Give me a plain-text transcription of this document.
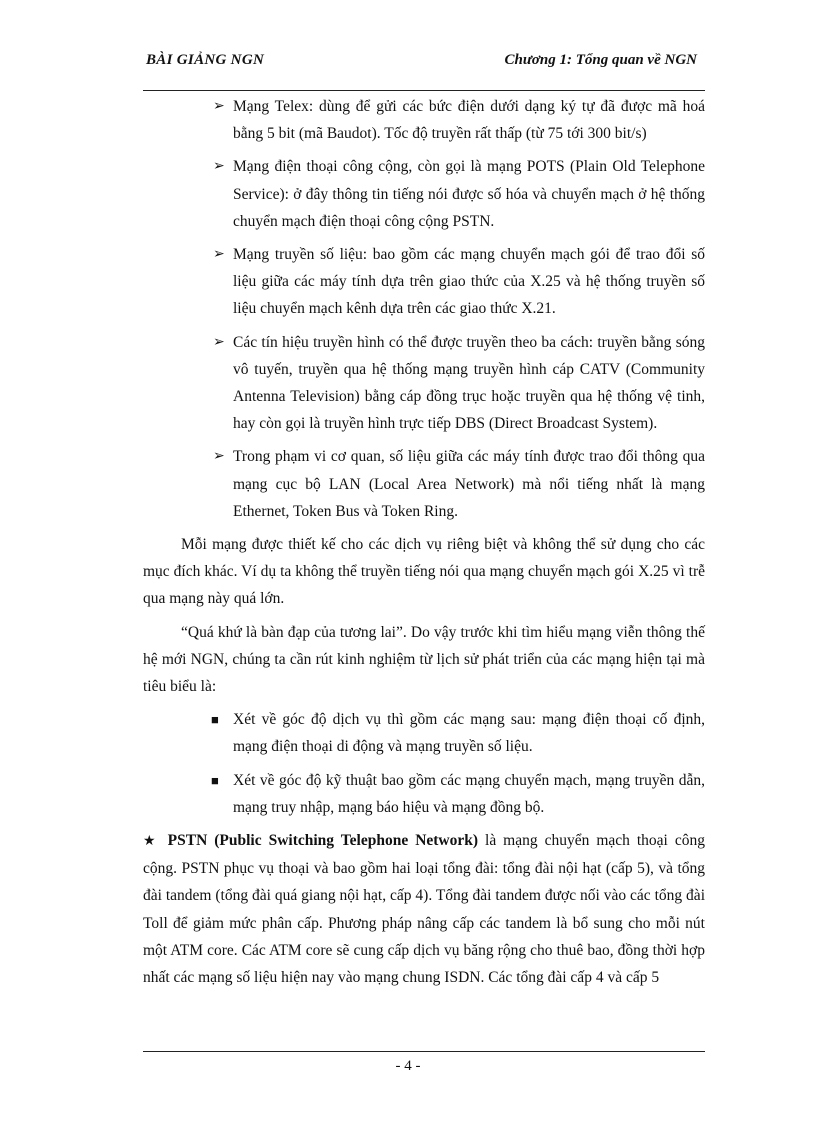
BÀI GIẢNG NGN	Chương 1: Tổng quan về NGN
➢ Mạng Telex: dùng để gửi các bức điện dưới dạng ký tự đã được mã hoá bằng 5 bit (mã Baudot). Tốc độ truyền rất thấp (từ 75 tới 300 bit/s)
➢ Mạng điện thoại công cộng, còn gọi là mạng POTS (Plain Old Telephone Service): ở đây thông tin tiếng nói được số hóa và chuyển mạch ở hệ thống chuyển mạch điện thoại công cộng PSTN.
➢ Mạng truyền số liệu: bao gồm các mạng chuyển mạch gói để trao đổi số liệu giữa các máy tính dựa trên giao thức của X.25 và hệ thống truyền số liệu chuyển mạch kênh dựa trên các giao thức X.21.
➢ Các tín hiệu truyền hình có thể được truyền theo ba cách: truyền bằng sóng vô tuyến, truyền qua hệ thống mạng truyền hình cáp CATV (Community Antenna Television) bằng cáp đồng trục hoặc truyền qua hệ thống vệ tinh, hay còn gọi là truyền hình trực tiếp DBS (Direct Broadcast System).
➢ Trong phạm vi cơ quan, số liệu giữa các máy tính được trao đổi thông qua mạng cục bộ LAN (Local Area Network) mà nổi tiếng nhất là mạng Ethernet, Token Bus và Token Ring.

Mỗi mạng được thiết kế cho các dịch vụ riêng biệt và không thể sử dụng cho các mục đích khác. Ví dụ ta không thể truyền tiếng nói qua mạng chuyển mạch gói X.25 vì trễ qua mạng này quá lớn.

“Quá khứ là bàn đạp của tương lai”. Do vậy trước khi tìm hiểu mạng viễn thông thế hệ mới NGN, chúng ta cần rút kinh nghiệm từ lịch sử phát triển của các mạng hiện tại mà tiêu biểu là:

■ Xét về góc độ dịch vụ thì gồm các mạng sau: mạng điện thoại cố định, mạng điện thoại di động và mạng truyền số liệu.
■ Xét về góc độ kỹ thuật bao gồm các mạng chuyển mạch, mạng truyền dẫn, mạng truy nhập, mạng báo hiệu và mạng đồng bộ.

★ PSTN (Public Switching Telephone Network) là mạng chuyển mạch thoại công cộng. PSTN phục vụ thoại và bao gồm hai loại tổng đài: tổng đài nội hạt (cấp 5), và tổng đài tandem (tổng đài quá giang nội hạt, cấp 4). Tổng đài tandem được nối vào các tổng đài Toll để giảm mức phân cấp. Phương pháp nâng cấp các tandem là bổ sung cho mỗi nút một ATM core. Các ATM core sẽ cung cấp dịch vụ băng rộng cho thuê bao, đồng thời hợp nhất các mạng số liệu hiện nay vào mạng chung ISDN. Các tổng đài cấp 4 và cấp 5

- 4 -
